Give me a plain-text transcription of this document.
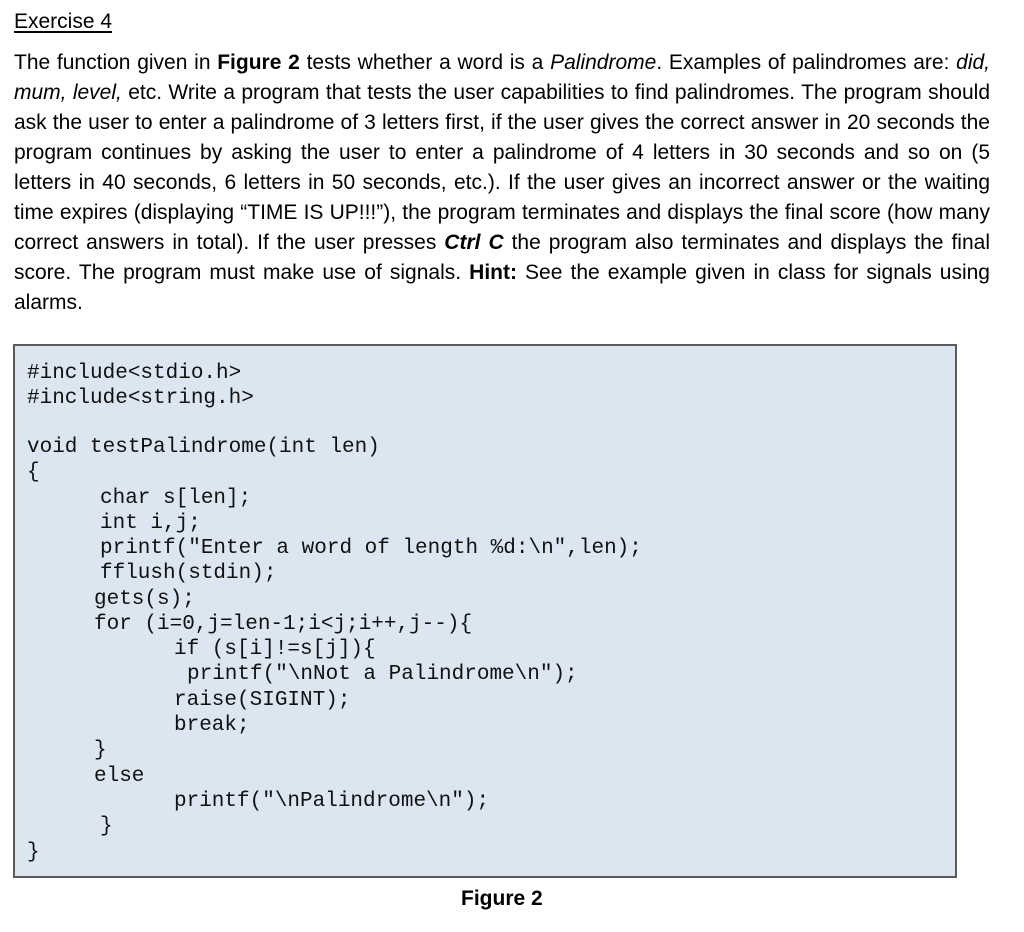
Exercise 4

The function given in Figure 2 tests whether a word is a Palindrome. Examples of palindromes are: did, mum, level, etc. Write a program that tests the user capabilities to find palindromes. The program should ask the user to enter a palindrome of 3 letters first, if the user gives the correct answer in 20 seconds the program continues by asking the user to enter a palindrome of 4 letters in 30 seconds and so on (5 letters in 40 seconds, 6 letters in 50 seconds, etc.). If the user gives an incorrect answer or the waiting time expires (displaying “TIME IS UP!!!”), the program terminates and displays the final score (how many correct answers in total). If the user presses Ctrl C the program also terminates and displays the final score. The program must make use of signals. Hint: See the example given in class for signals using alarms.

#include<stdio.h>
#include<string.h>
void testPalindrome(int len)
{
char s[len];
int i,j;
printf("Enter a word of length %d:\n",len);
fflush(stdin);
gets(s);
for (i=0,j=len-1;i<j;i++,j--){
if (s[i]!=s[j]){
printf("\nNot a Palindrome\n");
raise(SIGINT);
break;
}
else
printf("\nPalindrome\n");
}
}
Figure 2
